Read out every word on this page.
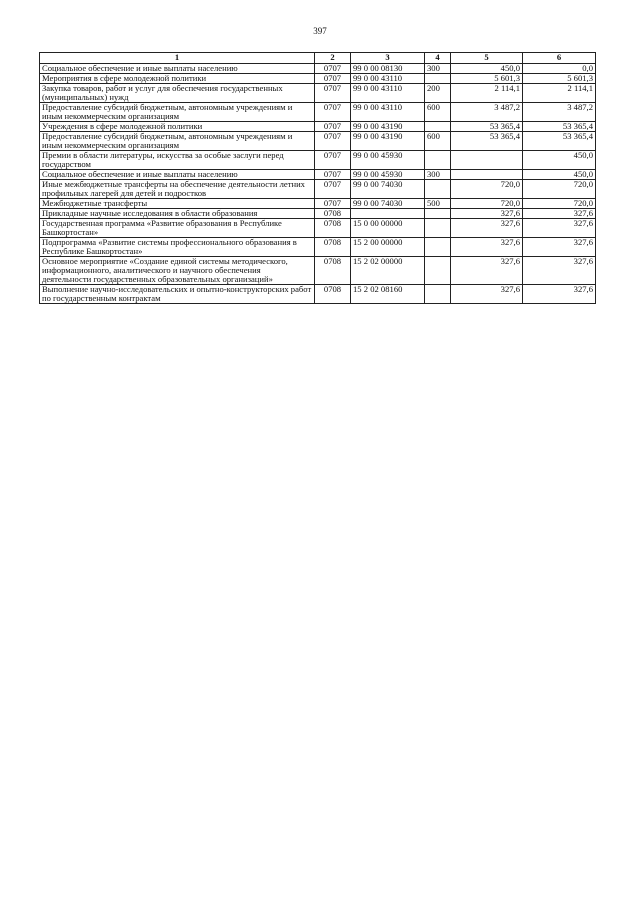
397
1	2	3	4	5	6
Социальное обеспечение и иные выплаты населению	0707	99 0 00 08130	300	450,0	0,0
Мероприятия в сфере молодежной политики	0707	99 0 00 43110		5 601,3	5 601,3
Закупка товаров, работ и услуг для обеспечения государственных (муниципальных) нужд	0707	99 0 00 43110	200	2 114,1	2 114,1
Предоставление субсидий бюджетным, автономным учреждениям и иным некоммерческим организациям	0707	99 0 00 43110	600	3 487,2	3 487,2
Учреждения в сфере молодежной политики	0707	99 0 00 43190		53 365,4	53 365,4
Предоставление субсидий бюджетным, автономным учреждениям и иным некоммерческим организациям	0707	99 0 00 43190	600	53 365,4	53 365,4
Премии в области литературы, искусства за особые заслуги перед государством	0707	99 0 00 45930			450,0
Социальное обеспечение и иные выплаты населению	0707	99 0 00 45930	300		450,0
Иные межбюджетные трансферты на обеспечение деятельности летних профильных лагерей для детей и подростков	0707	99 0 00 74030		720,0	720,0
Межбюджетные трансферты	0707	99 0 00 74030	500	720,0	720,0
Прикладные научные исследования в области образования	0708			327,6	327,6
Государственная программа «Развитие образования в Республике Башкортостан»	0708	15 0 00 00000		327,6	327,6
Подпрограмма «Развитие системы профессионального образования в Республике Башкортостан»	0708	15 2 00 00000		327,6	327,6
Основное мероприятие «Создание единой системы методического, информационного, аналитического и научного обеспечения деятельности государственных образовательных организаций»	0708	15 2 02 00000		327,6	327,6
Выполнение научно-исследовательских и опытно-конструкторских работ по государственным контрактам	0708	15 2 02 08160		327,6	327,6
